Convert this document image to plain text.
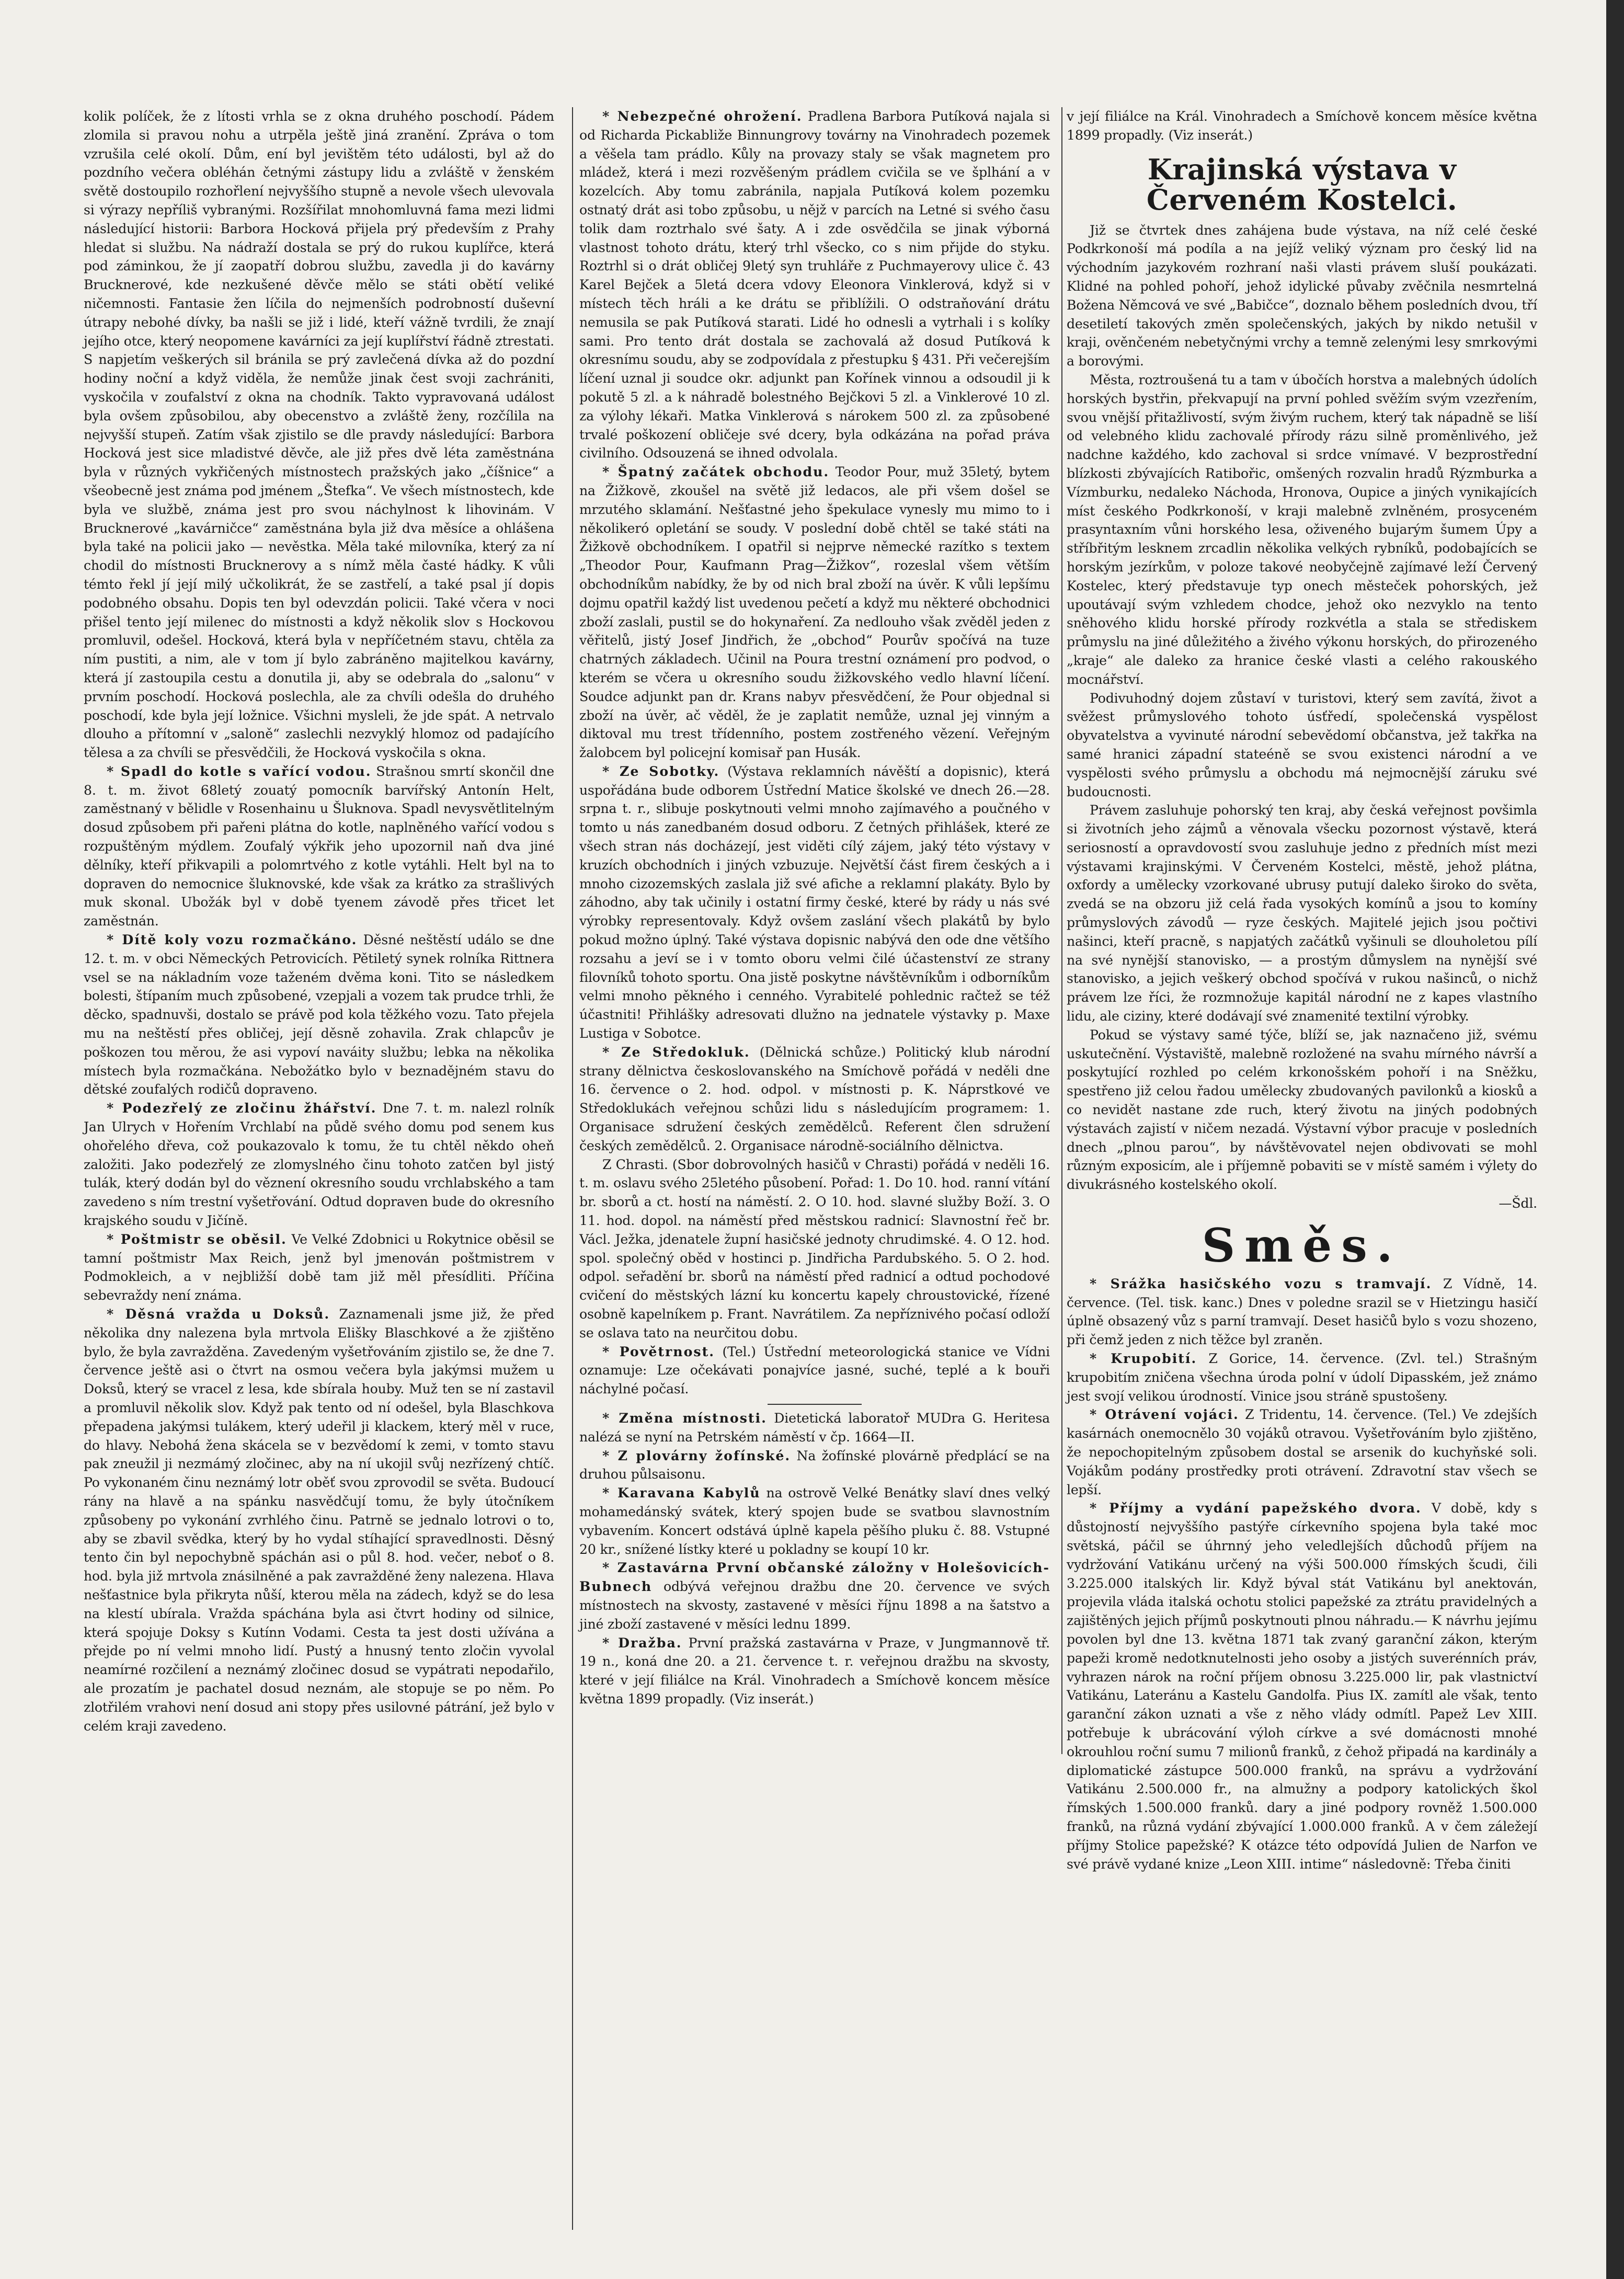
kolik políček, že z lítosti vrhla se z okna druhého poschodí. Pádem zlomila si pravou nohu a utrpěla ještě jiná zranění. Zpráva o tom vzrušila celé okolí. Dům, ení byl jevištěm této události, byl až do pozdního večera obléhán četnými zástupy lidu a zvláště v ženském světě dostoupilo rozhořlení nejvyššího stupně a nevole všech ulevovala si výrazy nepříliš vybranými. Rozšířilat mnohomluvná fama mezi lidmi následující historii: Barbora Hocková přijela prý především z Prahy hledat si službu. Na nádraží dostala se prý do rukou kuplířce, která pod záminkou, že jí zaopatří dobrou službu, zavedla ji do kavárny Brucknerové, kde nezkušené děvče mělo se státi obětí veliké ničemnosti. Fantasie žen líčila do nejmenších podrobností duševní útrapy nebohé dívky, ba našli se již i lidé, kteří vážně tvrdili, že znají jejího otce, který neopomene kavárníci za její kuplířství řádně ztrestati. S napjetím veškerých sil bránila se prý zavlečená dívka až do pozdní hodiny noční a když viděla, že nemůže jinak čest svoji zachrániti, vyskočila v zoufalství z okna na chodník. Takto vypravovaná událost byla ovšem způsobilou, aby obecenstvo a zvláště ženy, rozčílila na nejvyšší stupeň. Zatím však zjistilo se dle pravdy následující: Barbora Hocková jest sice mladistvé děvče, ale již přes dvě léta zaměstnána byla v různých vykřičených místnostech pražských jako „číšnice“ a všeobecně jest známa pod jménem „Štefka“. Ve všech místnostech, kde byla ve službě, známa jest pro svou náchylnost k lihovinám. V Brucknerové „kavárničce“ zaměstnána byla již dva měsíce a ohlášena byla také na policii jako — nevěstka. Měla také milovníka, který za ní chodil do místnosti Brucknerovy a s nímž měla časté hádky. K vůli témto řekl jí její milý učkolikrát, že se zastřelí, a také psal jí dopis podobného obsahu. Dopis ten byl odevzdán policii. Také včera v noci přišel tento její milenec do místnosti a když několik slov s Hockovou promluvil, odešel. Hocková, která byla v nepříčetném stavu, chtěla za ním pustiti, a nim, ale v tom jí bylo zabráněno majitelkou kavárny, která jí zastoupila cestu a donutila ji, aby se odebrala do „salonu“ v prvním poschodí. Hocková poslechla, ale za chvíli odešla do druhého poschodí, kde byla její ložnice. Všichni mysleli, že jde spát. A netrvalo dlouho a přítomní v „saloně“ zaslechli nezvyklý hlomoz od padajícího tělesa a za chvíli se přesvědčili, že Hocková vyskočila s okna.

* Spadl do kotle s vařící vodou. Strašnou smrtí skončil dne 8. t. m. život 68letý zouatý pomocník barvířský Antonín Helt, zaměstnaný v bělidle v Rosenhainu u Šluknova. Spadl nevysvětlitelným dosud způsobem při pařeni plátna do kotle, naplněného vařící vodou s rozpuštěným mýdlem. Zoufalý výkřik jeho upozornil naň dva jiné dělníky, kteří přikvapili a polomrtvého z kotle vytáhli. Helt byl na to dopraven do nemocnice šluknovské, kde však za krátko za strašlivých muk skonal. Ubožák byl v době tyenem závodě přes třicet let zaměstnán.

* Dítě koly vozu rozmačkáno. Děsné neštěstí událo se dne 12. t. m. v obci Německých Petrovicích. Pětiletý synek rolníka Rittnera vsel se na nákladním voze taženém dvěma koni. Tito se následkem bolesti, štípaním much způsobené, vzepjali a vozem tak prudce trhli, že děcko, spadnuvši, dostalo se právě pod kola těžkého vozu. Tato přejela mu na neštěstí přes obličej, její děsně zohavila. Zrak chlapcův je poškozen tou měrou, že asi vypoví naváity službu; lebka na několika místech byla rozmačkána. Nebožátko bylo v beznadějném stavu do dětské zoufalých rodičů dopraveno.

* Podezřelý ze zločinu žhářství. Dne 7. t. m. nalezl rolník Jan Ulrych v Hořením Vrchlabí na půdě svého domu pod senem kus ohořelého dřeva, což poukazovalo k tomu, že tu chtěl někdo oheň založiti. Jako podezřelý ze zlomyslného činu tohoto zatčen byl jistý tulák, který dodán byl do věznení okresního soudu vrchlabského a tam zavedeno s ním trestní vyšetřování. Odtud dopraven bude do okresního krajského soudu v Jičíně.

* Poštmistr se oběsil. Ve Velké Zdobnici u Rokytnice oběsil se tamní poštmistr Max Reich, jenž byl jmenován poštmistrem v Podmokleich, a v nejbližší době tam již měl přesídliti. Příčina sebevraždy není známa.

* Děsná vražda u Doksů. Zaznamenali jsme již, že před několika dny nalezena byla mrtvola Elišky Blaschkové a že zjištěno bylo, že byla zavražděna. Zavedeným vyšetřováním zjistilo se, že dne 7. července ještě asi o čtvrt na osmou večera byla jakýmsi mužem u Doksů, který se vracel z lesa, kde sbírala houby. Muž ten se ní zastavil a promluvil několik slov. Když pak tento od ní odešel, byla Blaschkova přepadena jakýmsi tulákem, který udeřil ji klackem, který měl v ruce, do hlavy. Nebohá žena skácela se v bezvědomí k zemi, v tomto stavu pak zneužil ji nezmámý zločinec, aby na ní ukojil svůj nezřízený chtíč. Po vykonaném činu neznámý lotr oběť svou zprovodil se světa. Budoucí rány na hlavě a na spánku nasvědčují tomu, že byly útočníkem způsobeny po vykonání zvrhlého činu. Patrně se jednalo lotrovi o to, aby se zbavil svědka, který by ho vydal stíhající spravedlnosti. Děsný tento čin byl nepochybně spáchán asi o půl 8. hod. večer, neboť o 8. hod. byla již mrtvola znásilněné a pak zavražděné ženy nalezena. Hlava nešťastnice byla přikryta nůší, kterou měla na zádech, když se do lesa na klestí ubírala. Vražda spáchána byla asi čtvrt hodiny od silnice, která spojuje Doksy s Kutínn Vodami. Cesta ta jest dosti užívána a přejde po ní velmi mnoho lidí. Pustý a hnusný tento zločin vyvolal neamírné rozčilení a neznámý zločinec dosud se vypátrati nepodařilo, ale prozatím je pachatel dosud neznám, ale stopuje se po něm. Po zlotřilém vrahovi není dosud ani stopy přes usilovné pátrání, jež bylo v celém kraji zavedeno.

* Nebezpečné ohrožení. Pradlena Barbora Putíková najala si od Richarda Pickabliže Binnungrovy továrny na Vinohradech pozemek a věšela tam prádlo. Kůly na provazy staly se však magnetem pro mládež, která i mezi rozvěšeným prádlem cvičila se ve šplhání a v kozelcích. Aby tomu zabránila, napjala Putíková kolem pozemku ostnatý drát asi tobo způsobu, u nějž v parcích na Letné si svého času tolik dam roztrhalo své šaty. A i zde osvědčila se jinak výborná vlastnost tohoto drátu, který trhl všecko, co s nim přijde do styku. Roztrhl si o drát obličej 9letý syn truhláře z Puchmayerovy ulice č. 43 Karel Bejček a 5letá dcera vdovy Eleonora Vinklerová, když si v místech těch hráli a ke drátu se přiblížili. O odstraňování drátu nemusila se pak Putíková starati. Lidé ho odnesli a vytrhali i s kolíky sami. Pro tento drát dostala se zachovalá až dosud Putíková k okresnímu soudu, aby se zodpovídala z přestupku § 431. Při večerejším líčení uznal ji soudce okr. adjunkt pan Kořínek vinnou a odsoudil ji k pokutě 5 zl. a k náhradě bolestného Bejčkovi 5 zl. a Vinklerové 10 zl. za výlohy lékaři. Matka Vinklerová s nárokem 500 zl. za způsobené trvalé poškození obličeje své dcery, byla odkázána na pořad práva civilního. Odsouzená se ihned odvolala.

* Špatný začátek obchodu. Teodor Pour, muž 35letý, bytem na Žižkově, zkoušel na světě již ledacos, ale při všem došel se mrzutého sklamání. Nešťastné jeho špekulace vynesly mu mimo to i několikeró opletání se soudy. V poslední době chtěl se také státi na Žižkově obchodníkem. I opatřil si nejprve německé razítko s textem „Theodor Pour, Kaufmann Prag—Žižkov“, rozeslal všem větším obchodníkům nabídky, že by od nich bral zboží na úvěr. K vůli lepšímu dojmu opatřil každý list uvedenou pečetí a když mu některé obchodnici zboží zaslali, pustil se do hokynaření. Za nedlouho však zvěděl jeden z věřitelů, jistý Josef Jindřich, že „obchod“ Pourův spočívá na tuze chatrných základech. Učinil na Poura trestní oznámení pro podvod, o kterém se včera u okresního soudu žižkovského vedlo hlavní líčení. Soudce adjunkt pan dr. Krans nabyv přesvědčení, že Pour objednal si zboží na úvěr, ač věděl, že je zaplatit nemůže, uznal jej vinným a diktoval mu trest třídenního, postem zostřeného vězení. Veřejným žalobcem byl policejní komisař pan Husák.

* Ze Sobotky. (Výstava reklamních návěští a dopisnic), která uspořádána bude odborem Ústřední Matice školské ve dnech 26.—28. srpna t. r., slibuje poskytnouti velmi mnoho zajímavého a poučného v tomto u nás zanedbaném dosud odboru. Z četných přihlášek, které ze všech stran nás docházejí, jest viděti cílý zájem, jaký této výstavy v kruzích obchodních i jiných vzbuzuje. Největší část firem českých a i mnoho cizozemských zaslala již své afiche a reklamní plakáty. Bylo by záhodno, aby tak učinily i ostatní firmy české, které by rády u nás své výrobky representovaly. Když ovšem zaslání všech plakátů by bylo pokud možno úplný. Také výstava dopisnic nabývá den ode dne většího rozsahu a jeví se i v tomto oboru velmi čilé účastenství ze strany filovníků tohoto sportu. Ona jistě poskytne návštěvníkům i odborníkům velmi mnoho pěkného i cenného. Vyrabitelé pohlednic račtež se též účastniti! Přihlášky adresovati dlužno na jednatele výstavky p. Maxe Lustiga v Sobotce.

* Ze Středokluk. (Dělnická schůze.) Politický klub národní strany dělnictva českoslovanského na Smíchově pořádá v neděli dne 16. července o 2. hod. odpol. v místnosti p. K. Náprstkové ve Středoklukách veřejnou schůzi lidu s následujícím programem: 1. Organisace sdružení českých zemědělců. Referent člen sdružení českých zemědělců. 2. Organisace národně-sociálního dělnictva.

Z Chrasti. (Sbor dobrovolných hasičů v Chrasti) pořádá v neděli 16. t. m. oslavu svého 25letého působení. Pořad: 1. Do 10. hod. ranní vítání br. sborů a ct. hostí na náměstí. 2. O 10. hod. slavné služby Boží. 3. O 11. hod. dopol. na náměstí před městskou radnicí: Slavnostní řeč br. Václ. Ježka, jdenatele župní hasičské jednoty chrudimské. 4. O 12. hod. spol. společný oběd v hostinci p. Jindřicha Pardubského. 5. O 2. hod. odpol. seřadění br. sborů na náměstí před radnicí a odtud pochodové cvičení do městských lázní ku koncertu kapely chroustovické, řízené osobně kapelníkem p. Frant. Navrátilem. Za nepříznivého počasí odloží se oslava tato na neurčitou dobu.

* Povětrnost. (Tel.) Ústřední meteorologická stanice ve Vídni oznamuje: Lze očekávati ponajvíce jasné, suché, teplé a k bouři náchylné počasí.

* Změna místnosti. Dietetická laboratoř MUDra G. Heritesa nalézá se nyní na Petrském náměstí v čp. 1664—II.

* Z plovárny žofínské. Na žofínské plovárně předplácí se na druhou půlsaisonu.

* Karavana Kabylů na ostrově Velké Benátky slaví dnes velký mohamedánský svátek, který spojen bude se svatbou slavnostním vybavením. Koncert odstává úplně kapela pěšího pluku č. 88. Vstupné 20 kr., snížené lístky které u pokladny se koupí 10 kr.

* Zastavárna První občanské záložny v Holešovicích-Bubnech odbývá veřejnou dražbu dne 20. července ve svých místnostech na skvosty, zastavené v měsíci říjnu 1898 a na šatstvo a jiné zboží zastavené v měsíci lednu 1899.

* Dražba. První pražská zastavárna v Praze, v Jungmannově tř. 19 n., koná dne 20. a 21. července t. r. veřejnou dražbu na skvosty, které v její filiálce na Král. Vinohradech a Smíchově koncem měsíce května 1899 propadly. (Viz inserát.)

v její filiálce na Král. Vinohradech a Smíchově koncem měsíce května 1899 propadly. (Viz inserát.)

Krajinská výstava v Červeném Kostelci.

Již se čtvrtek dnes zahájena bude výstava, na níž celé české Podkrkonoší má podíla a na jejíž veliký význam pro český lid na východním jazykovém rozhraní naši vlasti právem sluší poukázati. Klidné na pohled pohoří, jehož idylické půvaby zvěčnila nesmrtelná Božena Němcová ve své „Babičce“, doznalo během posledních dvou, tří desetiletí takových změn společenských, jakých by nikdo netušil v kraji, ověnčeném nebetyčnými vrchy a temně zelenými lesy smrkovými a borovými.

Města, roztroušená tu a tam v úbočích horstva a malebných údolích horských bystřin, překvapují na první pohled svěžím svým vzezřením, svou vnější přitažlivostí, svým živým ruchem, který tak nápadně se liší od velebného klidu zachovalé přírody rázu silně proměnlivého, jež nadchne každého, kdo zachoval si srdce vnímavé. V bezprostřední blízkosti zbývajících Ratibořic, omšených rozvalin hradů Rýzmburka a Vízmburku, nedaleko Náchoda, Hronova, Oupice a jiných vynikajících míst českého Podkrkonoší, v kraji malebně zvlněném, prosyceném prasyntaxním vůni horského lesa, oživeného bujarým šumem Úpy a stříbřitým lesknem zrcadlin několika velkých rybníků, podobajících se horským jezírkům, v poloze takové neobyčejně zajímavé leží Červený Kostelec, který představuje typ onech městeček pohorských, jež upoutávají svým vzhledem chodce, jehož oko nezvyklo na tento sněhového klidu horské přírody rozkvétla a stala se střediskem průmyslu na jiné důležitého a živého výkonu horských, do přirozeného „kraje“ ale daleko za hranice české vlasti a celého rakouského mocnářství.

Podivuhodný dojem zůstaví v turistovi, který sem zavítá, život a svěžest průmyslového tohoto úsťředí, společenská vyspělost obyvatelstva a vyvinuté národní sebevědomí občanstva, jež takřka na samé hranici západní stateéně se svou existenci národní a ve vyspělosti svého průmyslu a obchodu má nejmocnější záruku své budoucnosti.

Právem zasluhuje pohorský ten kraj, aby česká veřejnost povšimla si životních jeho zájmů a věnovala všecku pozornost výstavě, která seriosností a opravdovostí svou zasluhuje jedno z předních míst mezi výstavami krajinskými. V Červeném Kostelci, městě, jehož plátna, oxfordy a umělecky vzorkované ubrusy putují daleko široko do světa, zvedá se na obzoru již celá řada vysokých komínů a jsou to komíny průmyslových závodů — ryze českých. Majitelé jejich jsou počtivi našinci, kteří pracně, s napjatých začátků vyšinuli se dlouholetou pílí na své nynější stanovisko, — a prostým důmyslem na nynější své stanovisko, a jejich veškerý obchod spočívá v rukou našinců, o nichž právem lze říci, že rozmnožuje kapitál národní ne z kapes vlastního lidu, ale ciziny, které dodávají své znamenité textilní výrobky.

Pokud se výstavy samé týče, blíží se, jak naznačeno již, svému uskutečnění. Výstaviště, malebně rozložené na svahu mírného návrší a poskytující rozhled po celém krkonošském pohoří i na Sněžku, spestřeno již celou řadou umělecky zbudovaných pavilonků a kiosků a co nevidět nastane zde ruch, který životu na jiných podobných výstavách zajistí v ničem nezadá. Výstavní výbor pracuje v posledních dnech „plnou parou“, by návštěvovatel nejen obdivovati se mohl různým exposicím, ale i příjemně pobaviti se v místě samém i výlety do divukrásného kostelského okolí.

—Šdl.
Směs.

* Srážka hasičského vozu s tramvají. Z Vídně, 14. července. (Tel. tisk. kanc.) Dnes v poledne srazil se v Hietzingu hasičí úplně obsazený vůz s parní tramvají. Deset hasičů bylo s vozu shozeno, při čemž jeden z nich těžce byl zraněn.

* Krupobití. Z Gorice, 14. července. (Zvl. tel.) Strašným krupobitím zničena všechna úroda polní v údolí Dipasském, jež známo jest svojí velikou úrodností. Vinice jsou stráně spustošeny.

* Otrávení vojáci. Z Tridentu, 14. července. (Tel.) Ve zdejších kasárnách onemocnělo 30 vojáků otravou. Vyšetřováním bylo zjištěno, že nepochopitelným způsobem dostal se arsenik do kuchyňské soli. Vojákům podány prostředky proti otrávení. Zdravotní stav všech se lepší.

* Příjmy a vydání papežského dvora. V době, kdy s důstojností nejvyššího pastýře církevního spojena byla také moc světská, páčil se úhrnný jeho veledlejších důchodů příjem na vydržování Vatikánu určený na výši 500.000 římských šcudi, čili 3.225.000 italských lir. Když býval stát Vatikánu byl anektován, projevila vláda italská ochotu stolici papežské za ztrátu pravidelných a zajištěných jejich příjmů poskytnouti plnou náhradu.— K návrhu jejímu povolen byl dne 13. května 1871 tak zvaný garanční zákon, kterým papeži kromě nedotknutelnosti jeho osoby a jistých suverénních práv, vyhrazen nárok na roční příjem obnosu 3.225.000 lir, pak vlastnictví Vatikánu, Lateránu a Kastelu Gandolfa. Pius IX. zamítl ale však, tento garanční zákon uznati a vše z něho vlády odmítl. Papež Lev XIII. potřebuje k ubrácování výloh církve a své domácnosti mnohé okrouhlou roční sumu 7 milionů franků, z čehož připadá na kardinály a diplomatické zástupce 500.000 franků, na správu a vydržování Vatikánu 2.500.000 fr., na almužny a podpory katolických škol římských 1.500.000 franků. dary a jiné podpory rovněž 1.500.000 franků, na různá vydání zbývající 1.000.000 franků. A v čem záležejí příjmy Stolice papežské? K otázce této odpovídá Julien de Narfon ve své právě vydané knize „Leon XIII. intime“ následovně: Třeba činiti
